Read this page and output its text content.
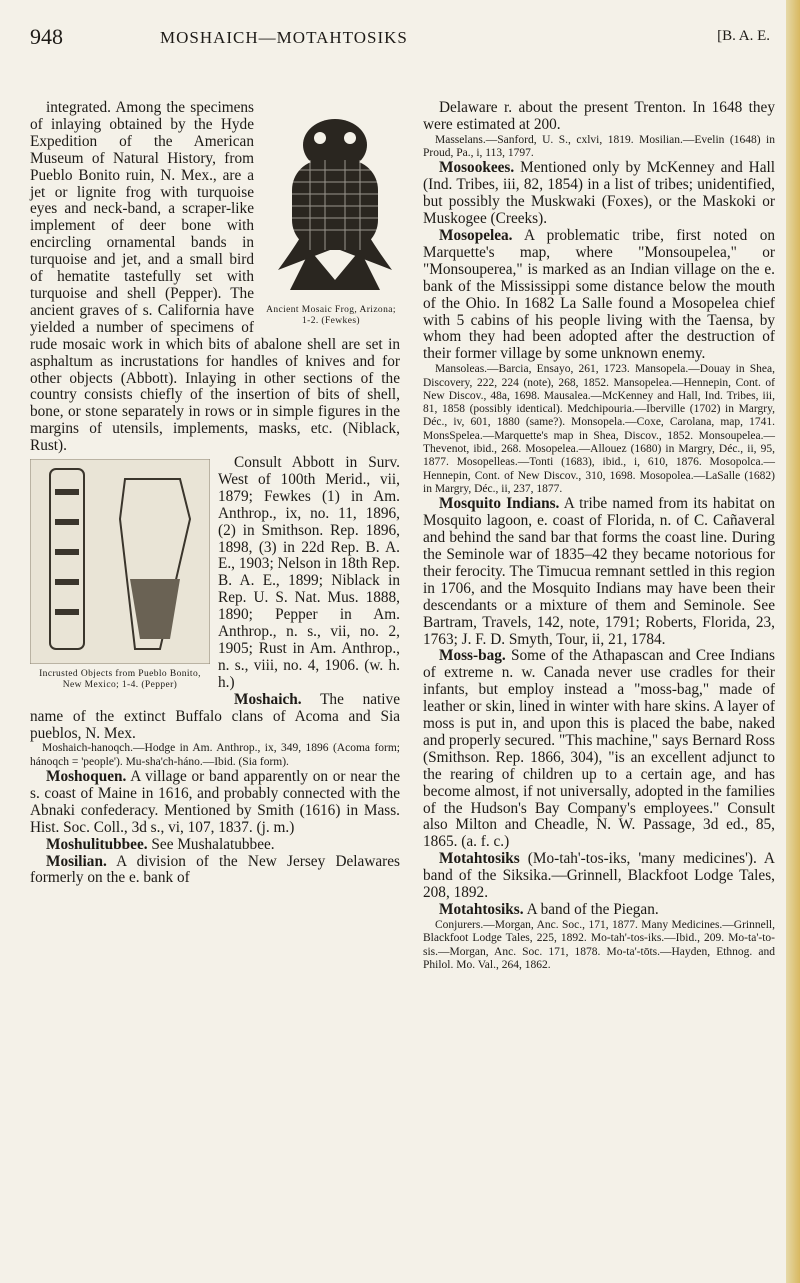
948	MOSHAICH—MOTAHTOSIKS	[B. A. E.
Ancient Mosaic Frog, Arizona; 1-2. (Fewkes)

integrated. Among the specimens of inlaying obtained by the Hyde Expedition of the American Museum of Natural History, from Pueblo Bonito ruin, N. Mex., are a jet or lignite frog with turquoise eyes and neck-band, a scraper-like implement of deer bone with encircling ornamental bands in turquoise and jet, and a small bird of hematite tastefully set with turquoise and shell (Pepper). The ancient graves of s. California have yielded a number of specimens of rude mosaic work in which bits of abalone shell are set in asphaltum as incrustations for handles of knives and for other objects (Abbott). Inlaying in other sections of the country consists chiefly of the insertion of bits of shell, bone, or stone separately in rows or in simple figures in the margins of utensils, implements, masks, etc. (Niblack, Rust).

Incrusted Objects from Pueblo Bonito, New Mexico; 1-4. (Pepper)

Consult Abbott in Surv. West of 100th Merid., vii, 1879; Fewkes (1) in Am. Anthrop., ix, no. 11, 1896, (2) in Smithson. Rep. 1896, 1898, (3) in 22d Rep. B. A. E., 1903; Nelson in 18th Rep. B. A. E., 1899; Niblack in Rep. U. S. Nat. Mus. 1888, 1890; Pepper in Am. Anthrop., n. s., vii, no. 2, 1905; Rust in Am. Anthrop., n. s., viii, no. 4, 1906. (w. h. h.)

Moshaich. The native name of the extinct Buffalo clans of Acoma and Sia pueblos, N. Mex.

Moshaich-hanoqch.—Hodge in Am. Anthrop., ix, 349, 1896 (Acoma form; hánoqch = 'people'). Mu-sha'ch-háno.—Ibid. (Sia form).

Moshoquen. A village or band apparently on or near the s. coast of Maine in 1616, and probably connected with the Abnaki confederacy. Mentioned by Smith (1616) in Mass. Hist. Soc. Coll., 3d s., vi, 107, 1837. (j. m.)

Moshulitubbee. See Mushalatubbee.

Mosilian. A division of the New Jersey Delawares formerly on the e. bank of

Delaware r. about the present Trenton. In 1648 they were estimated at 200.

Masselans.—Sanford, U. S., cxlvi, 1819. Mosilian.—Evelin (1648) in Proud, Pa., i, 113, 1797.

Mosookees. Mentioned only by McKenney and Hall (Ind. Tribes, iii, 82, 1854) in a list of tribes; unidentified, but possibly the Muskwaki (Foxes), or the Maskoki or Muskogee (Creeks).

Mosopelea. A problematic tribe, first noted on Marquette's map, where "Monsoupelea," or "Monsouperea," is marked as an Indian village on the e. bank of the Mississippi some distance below the mouth of the Ohio. In 1682 La Salle found a Mosopelea chief with 5 cabins of his people living with the Taensa, by whom they had been adopted after the destruction of their former village by some unknown enemy.

Mansoleas.—Barcia, Ensayo, 261, 1723. Mansopela.—Douay in Shea, Discovery, 222, 224 (note), 268, 1852. Mansopelea.—Hennepin, Cont. of New Discov., 48a, 1698. Mausalea.—McKenney and Hall, Ind. Tribes, iii, 81, 1858 (possibly identical). Medchipouria.—Iberville (1702) in Margry, Déc., iv, 601, 1880 (same?). Monsopela.—Coxe, Carolana, map, 1741. MonsSpelea.—Marquette's map in Shea, Discov., 1852. Monsoupelea.—Thevenot, ibid., 268. Mosopelea.—Allouez (1680) in Margry, Déc., ii, 95, 1877. Mosopelleas.—Tonti (1683), ibid., i, 610, 1876. Mosopolca.—Hennepin, Cont. of New Discov., 310, 1698. Mosopolea.—LaSalle (1682) in Margry, Déc., ii, 237, 1877.

Mosquito Indians. A tribe named from its habitat on Mosquito lagoon, e. coast of Florida, n. of C. Cañaveral and behind the sand bar that forms the coast line. During the Seminole war of 1835–42 they became notorious for their ferocity. The Timucua remnant settled in this region in 1706, and the Mosquito Indians may have been their descendants or a mixture of them and Seminole. See Bartram, Travels, 142, note, 1791; Roberts, Florida, 23, 1763; J. F. D. Smyth, Tour, ii, 21, 1784.

Moss-bag. Some of the Athapascan and Cree Indians of extreme n. w. Canada never use cradles for their infants, but employ instead a "moss-bag," made of leather or skin, lined in winter with hare skins. A layer of moss is put in, and upon this is placed the babe, naked and properly secured. "This machine," says Bernard Ross (Smithson. Rep. 1866, 304), "is an excellent adjunct to the rearing of children up to a certain age, and has become almost, if not universally, adopted in the families of the Hudson's Bay Company's employees." Consult also Milton and Cheadle, N. W. Passage, 3d ed., 85, 1865. (a. f. c.)

Motahtosiks (Mo-tah'-tos-iks, 'many medicines'). A band of the Siksika.—Grinnell, Blackfoot Lodge Tales, 208, 1892.

Motahtosiks. A band of the Piegan.

Conjurers.—Morgan, Anc. Soc., 171, 1877. Many Medicines.—Grinnell, Blackfoot Lodge Tales, 225, 1892. Mo-tah'-tos-iks.—Ibid., 209. Mo-ta'-to-sis.—Morgan, Anc. Soc. 171, 1878. Mo-ta'-tōts.—Hayden, Ethnog. and Philol. Mo. Val., 264, 1862.
